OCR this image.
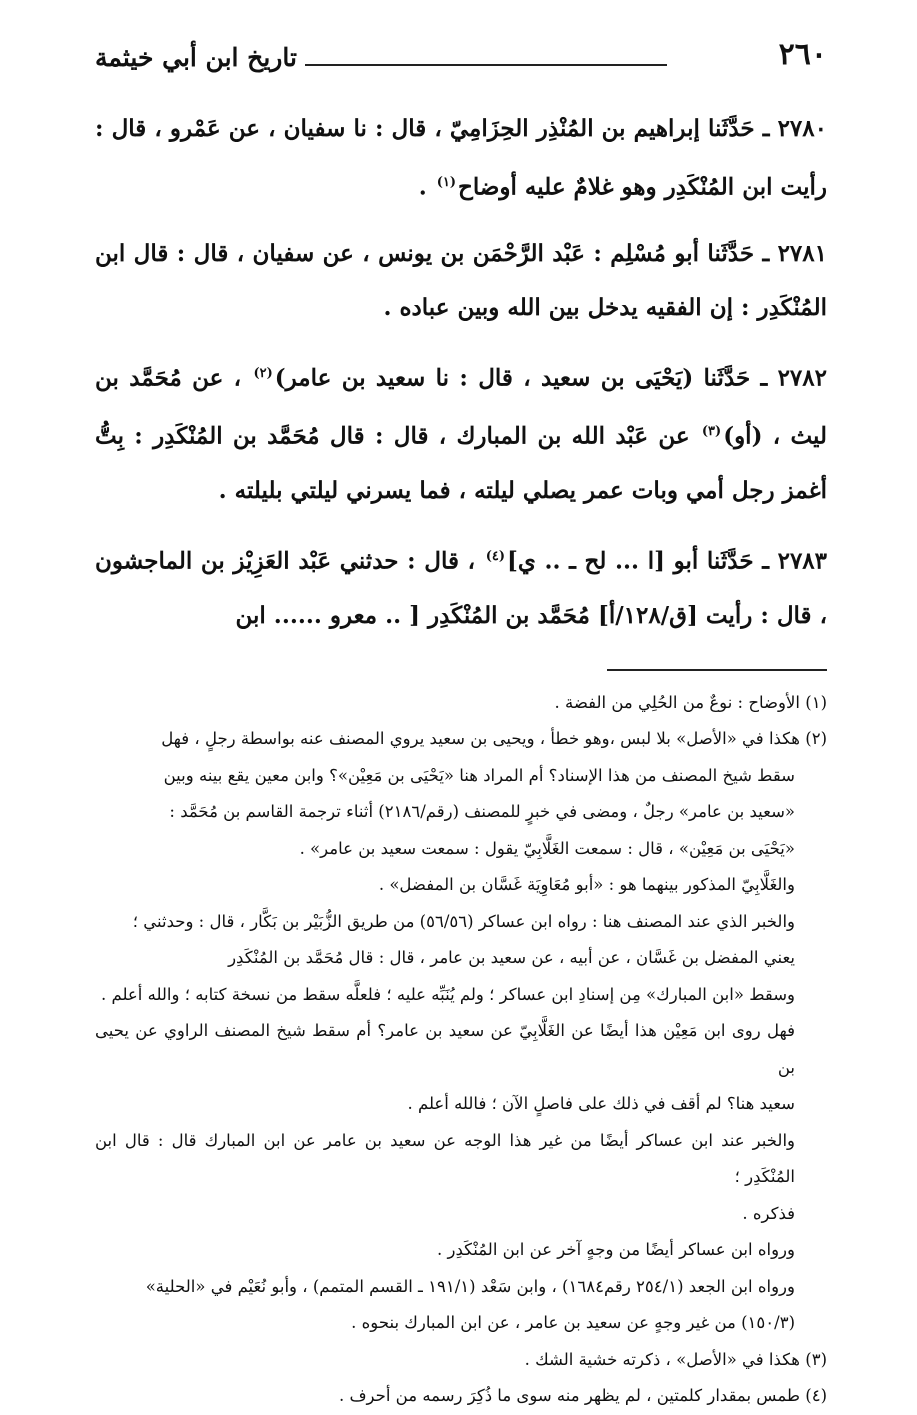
٢٦٠
تاريخ ابن أبي خيثمة

٢٧٨٠ ـ حَدَّثَنا إبراهيم بن المُنْذِر الحِزَامِيّ ، قال : نا سفيان ، عن عَمْرو ، قال : رأيت ابن المُنْكَدِر وهو غلامٌ عليه أوضاح$^{(١)}$ .

٢٧٨١ ـ حَدَّثَنا أبو مُسْلِم : عَبْد الرَّحْمَن بن يونس ، عن سفيان ، قال : قال ابن المُنْكَدِر : إن الفقيه يدخل بين الله وبين عباده .

٢٧٨٢ ـ حَدَّثَنا (يَحْيَى بن سعيد ، قال : نا سعيد بن عامر)$^{(٢)}$ ، عن مُحَمَّد بن ليث ، (أو)$^{(٣)}$ عن عَبْد الله بن المبارك ، قال : قال مُحَمَّد بن المُنْكَدِر : بِتُّ أغمز رجل أمي وبات عمر يصلي ليلته ، فما يسرني ليلتي بليلته .

٢٧٨٣ ـ حَدَّثَنا أبو [ا ... لح ـ .. ي]$^{(٤)}$ ، قال : حدثني عَبْد العَزِيْز بن الماجشون ، قال : رأيت [ق/١٢٨/أ] مُحَمَّد بن المُنْكَدِر [ .. معرو ...... ابن

(١) الأوضاح : نوعٌ من الحُلِي من الفضة .

(٢) هكذا في «الأصل» بلا لبس ،وهو خطأ ، ويحيى بن سعيد يروي المصنف عنه بواسطة رجلٍ ، فهل

سقط شيخ المصنف من هذا الإسناد؟ أم المراد هنا «يَحْيَى بن مَعِيْن»؟ وابن معين يقع بينه وبين

«سعيد بن عامر» رجلٌ ، ومضى في خبرٍ للمصنف (رقم/٢١٨٦) أثناء ترجمة القاسم بن مُحَمَّد :

«يَحْيَى بن مَعِيْن» ، قال : سمعت الغَلَّابِيّ يقول : سمعت سعيد بن عامر» .

والغَلَّابِيّ المذكور بينهما هو : «أبو مُعَاوِيَة غَسَّان بن المفضل» .

والخبر الذي عند المصنف هنا : رواه ابن عساكر (٥٦/٥٦) من طريق الزُّبَيْر بن بَكَّار ، قال : وحدثني ؛

يعني المفضل بن غَسَّان ، عن أبيه ، عن سعيد بن عامر ، قال : قال مُحَمَّد بن المُنْكَدِر

وسقط «ابن المبارك» مِن إسنادِ ابن عساكر ؛ ولم يُنَبِّه عليه ؛ فلعلَّه سقط من نسخة كتابه ؛ والله أعلم .

فهل روى ابن مَعِيْن هذا أيضًا عن الغَلَّابِيّ عن سعيد بن عامر؟ أم سقط شيخ المصنف الراوي عن يحيى بن

سعيد هنا؟ لم أقف في ذلك على فاصلٍ الآن ؛ فالله أعلم .

والخبر عند ابن عساكر أيضًا من غير هذا الوجه عن سعيد بن عامر عن ابن المبارك قال : قال ابن المُنْكَدِر ؛

فذكره .

ورواه ابن عساكر أيضًا من وجهٍ آخر عن ابن المُنْكَدِر .

ورواه ابن الجعد (٢٥٤/١ رقم١٦٨٤) ، وابن سَعْد (١٩١/١ ـ القسم المتمم) ، وأبو نُعَيْم في «الحلية»

(١٥٠/٣) من غير وجهٍ عن سعيد بن عامر ، عن ابن المبارك بنحوه .

(٣) هكذا في «الأصل» ، ذكرته خشية الشك .

(٤) طمس بمقدار كلمتين ، لم يظهر منه سوى ما ذُكِرَ رسمه من أحرف .
